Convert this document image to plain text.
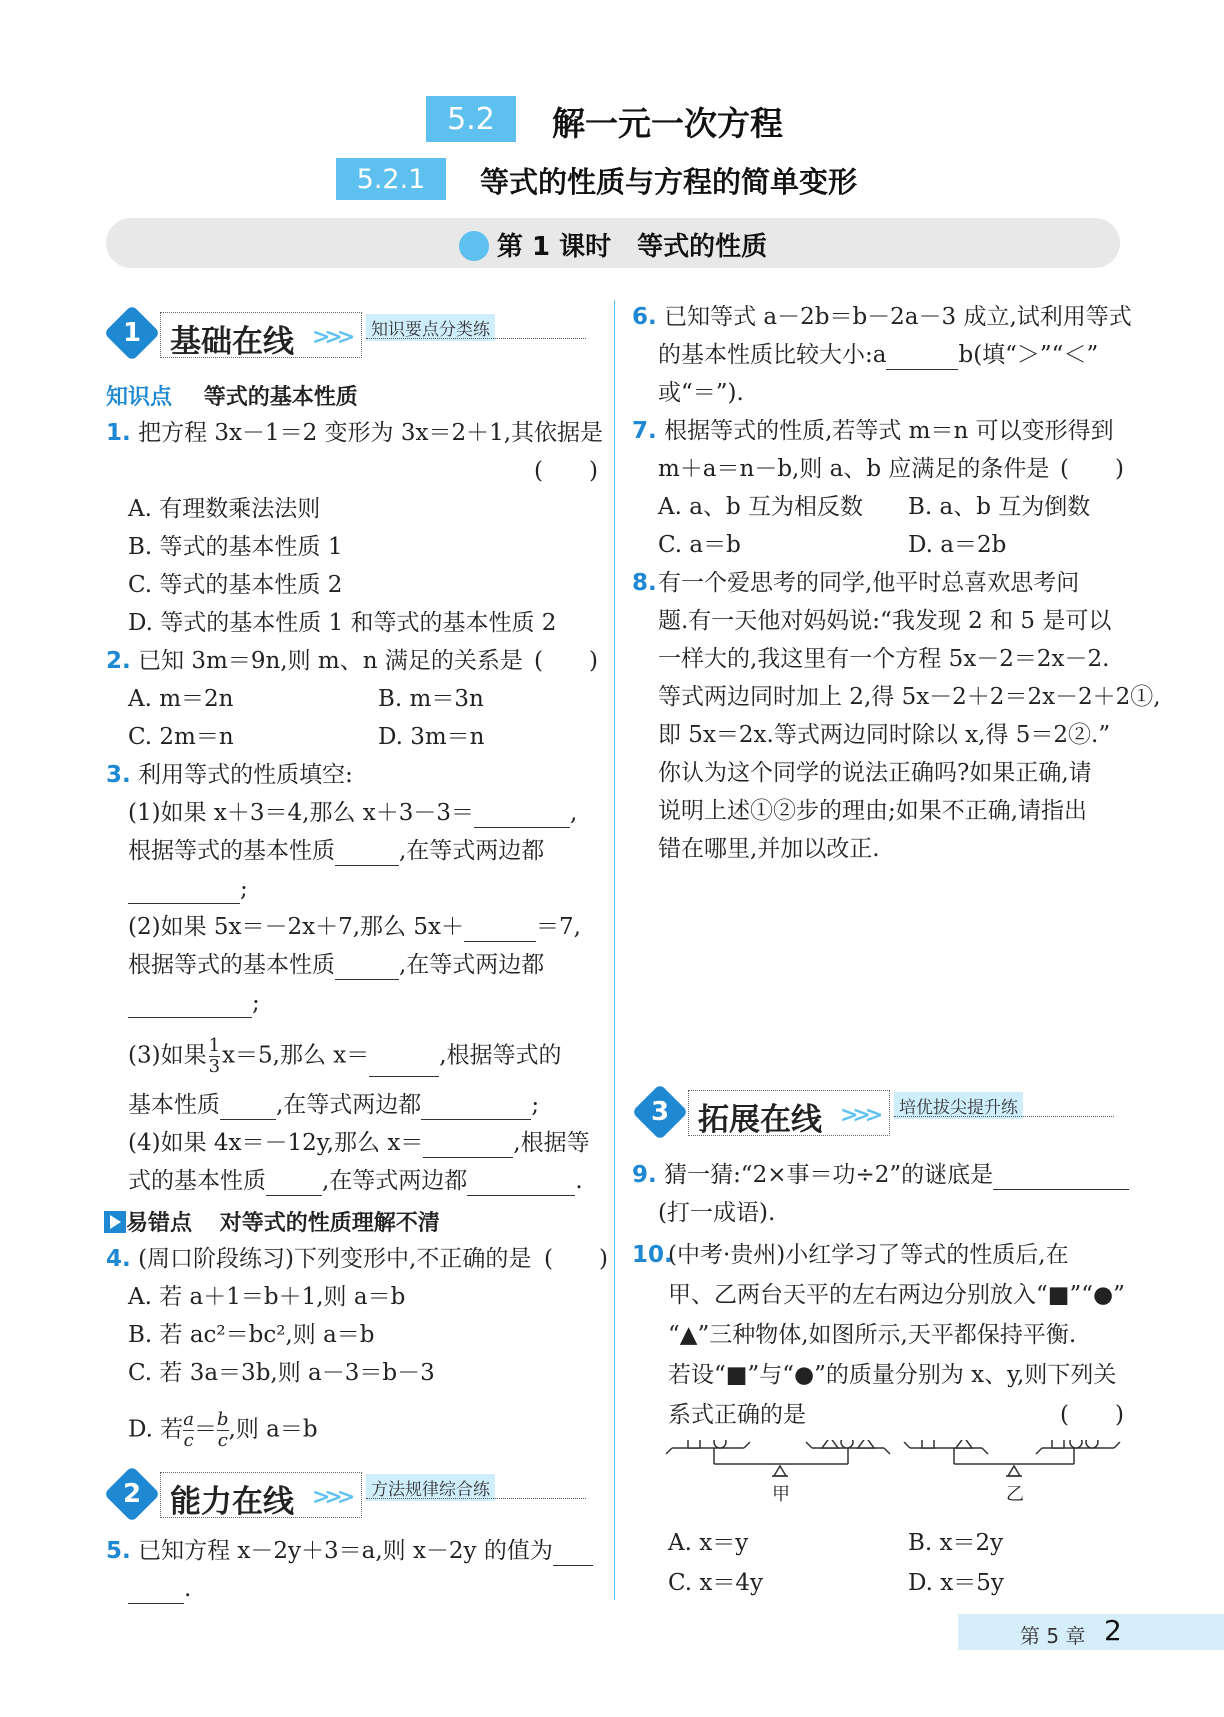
5.2 解一元一次方程
5.2.1 等式的性质与方程的简单变形
第 1 课时　等式的性质
1 基础在线 >>> 知识要点分类练
知识点 等式的基本性质
1. 把方程 3x－1＝2 变形为 3x＝2＋1,其依据是
(　　)
A. 有理数乘法法则
B. 等式的基本性质 1
C. 等式的基本性质 2
D. 等式的基本性质 1 和等式的基本性质 2
2. 已知 3m＝9n,则 m、n 满足的关系是 (　　)
A. m＝2n	B. m＝3n
C. 2m＝n	D. 3m＝n
3. 利用等式的性质填空:
(1)如果 x＋3＝4,那么 x＋3－3＝	,
根据等式的基本性质	,在等式两边都
;
(2)如果 5x＝－2x＋7,那么 5x＋	＝7,
根据等式的基本性质	,在等式两边都
;
(3)如果 $\frac{1}{3} x=5$,那么 x＝	,根据等式的
基本性质 ,在等式两边都	;
(4)如果 4x＝－12y,那么 x＝	,根据等
式的基本性质 ,在等式两边都	.
易错点 对等式的性质理解不清
4. (周口阶段练习)下列变形中,不正确的是 (　　)
A. 若 a＋1＝b＋1,则 a＝b
B. 若 ac²＝bc²,则 a＝b
C. 若 3a＝3b,则 a－3＝b－3
D. 若 $\frac{a}{c} = \frac{b}{c}$ ,则 a＝b
2 能力在线 >>> 方法规律综合练
5. 已知方程 x－2y＋3＝a,则 x－2y 的值为
.
6. 已知等式 a－2b＝b－2a－3 成立,试利用等式
的基本性质比较大小:a	b(填“＞”“＜”
或“＝”).
7. 根据等式的性质,若等式 m＝n 可以变形得到
m＋a＝n－b,则 a、b 应满足的条件是 (　　)
A. a、b 互为相反数 B. a、b 互为倒数
C. a＝b	D. a＝2b
8. 有一个爱思考的同学,他平时总喜欢思考问
题.有一天他对妈妈说:“我发现 2 和 5 是可以
一样大的,我这里有一个方程 5x－2＝2x－2.
等式两边同时加上 2,得 5x－2＋2＝2x－2＋2①,
即 5x＝2x.等式两边同时除以 x,得 5＝2②.”
你认为这个同学的说法正确吗?如果正确,请
说明上述①②步的理由;如果不正确,请指出
错在哪里,并加以改正.
3 拓展在线 >>> 培优拔尖提升练
9. 猜一猜:“2×事＝功÷2”的谜底是
(打一成语).
10.
(中考·贵州)小红学习了等式的性质后,在
甲、乙两台天平的左右两边分别放入“■”“●”
“▲”三种物体,如图所示,天平都保持平衡.
若设“■”与“●”的质量分别为 x、y,则下列关
系式正确的是	(　　)
甲	乙
A. x＝y	B. x＝2y
C. x＝4y	D. x＝5y
第 5 章 2
